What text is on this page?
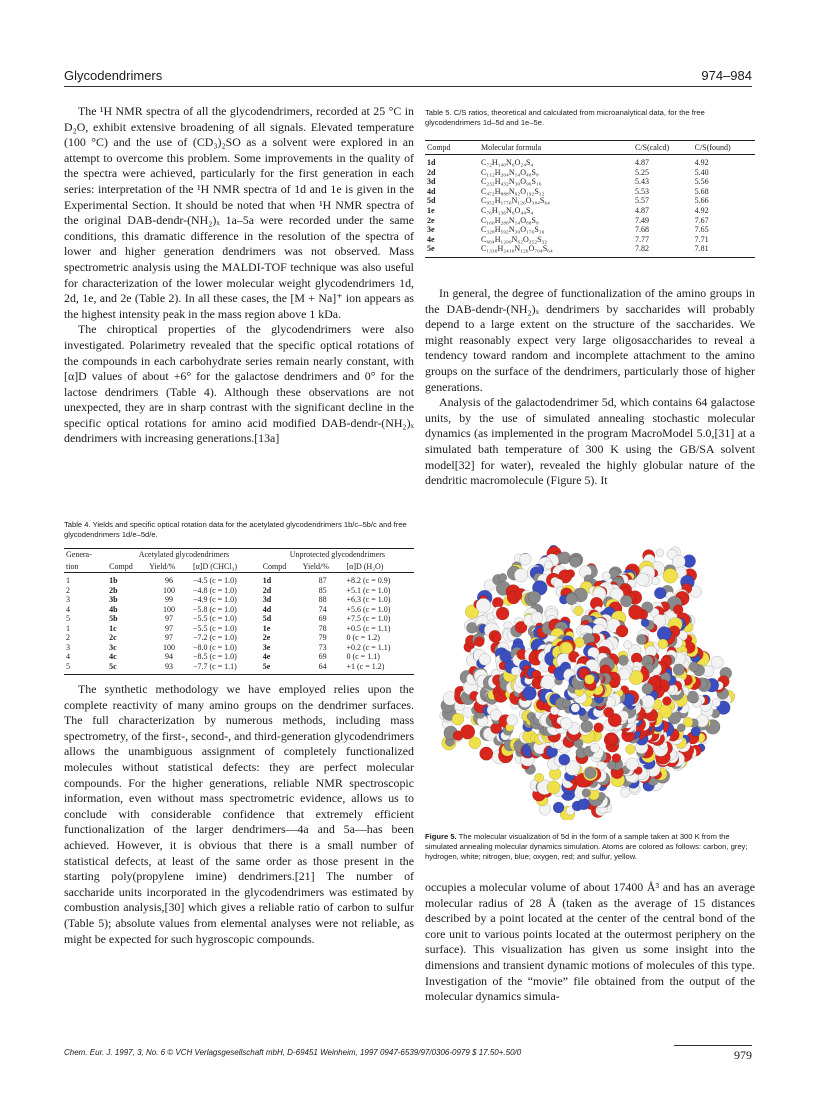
Glycodendrimers	974–984

The ¹H NMR spectra of all the glycodendrimers, recorded at 25 °C in D₂O, exhibit extensive broadening of all signals. Elevated temperature (100 °C) and the use of (CD₃)₂SO as a solvent were explored in an attempt to overcome this problem. Some improvements in the quality of the spectra were achieved, particularly for the first generation in each series: interpretation of the ¹H NMR spectra of 1d and 1e is given in the Experimental Section. It should be noted that when ¹H NMR spectra of the original DAB-dendr-(NH₂)ₓ 1a–5a were recorded under the same conditions, this dramatic difference in the resolution of the spectra of lower and higher generation dendrimers was not observed. Mass spectrometric analysis using the MALDI-TOF technique was also useful for characterization of the lower molecular weight glycodendrimers 1d, 2d, 1e, and 2e (Table 2). In all these cases, the [M + Na]⁺ ion appears as the highest intensity peak in the mass region above 1 kDa.

The chiroptical properties of the glycodendrimers were also investigated. Polarimetry revealed that the specific optical rotations of the compounds in each carbohydrate series remain nearly constant, with [α]D values of about +6° for the galactose dendrimers and 0° for the lactose dendrimers (Table 4). Although these observations are not unexpected, they are in sharp contrast with the significant decline in the specific optical rotations for amino acid modified DAB-dendr-(NH₂)ₓ dendrimers with increasing generations.[13a]

Table 4. Yields and specific optical rotation data for the acetylated glycodendrimers 1b/c–5b/c and free glycodendrimers 1d/e–5d/e.
Genera-	Acetylated glycodendrimers			Unprotected glycodendrimers		
tion	Compd	Yield/%	[α]D (CHCl₃)	Compd	Yield/%	[α]D (H₂O)
1	1b	96	−4.5 (c = 1.0)	1d	87	+8.2 (c = 0.9)
2	2b	100	−4.8 (c = 1.0)	2d	85	+5.1 (c = 1.0)
3	3b	99	−4.9 (c = 1.0)	3d	88	+6.3 (c = 1.0)
4	4b	100	−5.8 (c = 1.0)	4d	74	+5.6 (c = 1.0)
5	5b	97	−5.5 (c = 1.0)	5d	69	+7.5 (c = 1.0)
1	1c	97	−5.5 (c = 1.0)	1e	78	+0.5 (c = 1.1)
2	2c	97	−7.2 (c = 1.0)	2e	79	0 (c = 1.2)
3	3c	100	−8.0 (c = 1.0)	3e	73	+0.2 (c = 1.1)
4	4c	94	−8.5 (c = 1.0)	4e	69	0 (c = 1.1)
5	5c	93	−7.7 (c = 1.1)	5e	64	+1 (c = 1.2)

The synthetic methodology we have employed relies upon the complete reactivity of many amino groups on the dendrimer surfaces. The full characterization by numerous methods, including mass spectrometry, of the first-, second-, and third-generation glycodendrimers allows the unambiguous assignment of completely functionalized molecules without statistical defects: they are perfect molecular compounds. For the higher generations, reliable NMR spectroscopic information, even without mass spectrometric evidence, allows us to conclude with considerable confidence that extremely efficient functionalization of the larger dendrimers—4a and 5a—has been achieved. However, it is obvious that there is a small number of statistical defects, at least of the same order as those present in the starting poly(propylene imine) dendrimers.[21] The number of saccharide units incorporated in the glycodendrimers was estimated by combustion analysis,[30] which gives a reliable ratio of carbon to sulfur (Table 5); absolute values from elemental analyses were not reliable, as might be expected for such hygroscopic compounds.

Table 5. C/S ratios, theoretical and calculated from microanalytical data, for the free glycodendrimers 1d–5d and 1e–5e.
Compd	Molecular formula	C/S(calcd)	C/S(found)
1d	C₇₂H₁₄₀N₆O₂₄S₄	4.87	4.92
2d	C₁₁₂H₂₀₄N₁₄O₄₈S₈	5.25	5.40
3d	C₂₃₂H₄₃₂N₃₀O₉₆S₁₆	5.43	5.56
4d	C₄₇₂H₈₈₈N₆₂O₁₉₂S₃₂	5.53	5.68
5d	C₉₅₂H₁₇₇₆N₁₂₆O₃₈₄S₆₄	5.57	5.66
1e	C₇₆H₁₃₆N₆O₄₄S₄	4.87	4.92
2e	C₁₆₀H₂₈₈N₁₄O₈₈S₈	7.49	7.67
3e	C₃₂₈H₅₉₂N₃₀O₁₇₆S₁₆	7.68	7.65
4e	C₆₆₄H₁₂₀₀N₆₂O₃₅₂S₃₂	7.77	7.71
5e	C₁₃₃₆H₂₄₁₆N₁₂₆O₇₀₄S₆₄	7.82	7.81

In general, the degree of functionalization of the amino groups in the DAB-dendr-(NH₂)ₓ dendrimers by saccharides will probably depend to a large extent on the structure of the saccharides. We might reasonably expect very large oligosaccharides to reveal a tendency toward random and incomplete attachment to the amino groups on the surface of the dendrimers, particularly those of higher generations.

Analysis of the galactodendrimer 5d, which contains 64 galactose units, by the use of simulated annealing stochastic molecular dynamics (as implemented in the program MacroModel 5.0,[31] at a simulated bath temperature of 300 K using the GB/SA solvent model[32] for water), revealed the highly globular nature of the dendritic macromolecule (Figure 5). It

Figure 5. The molecular visualization of 5d in the form of a sample taken at 300 K from the simulated annealing molecular dynamics simulation. Atoms are colored as follows: carbon, grey; hydrogen, white; nitrogen, blue; oxygen, red; and sulfur, yellow.

occupies a molecular volume of about 17400 Å³ and has an average molecular radius of 28 Å (taken as the average of 15 distances described by a point located at the center of the central bond of the core unit to various points located at the outermost periphery on the surface). This visualization has given us some insight into the dimensions and transient dynamic motions of molecules of this type. Investigation of the “movie” file obtained from the output of the molecular dynamics simula-

Chem. Eur. J. 1997, 3, No. 6 © VCH Verlagsgesellschaft mbH, D-69451 Weinheim, 1997 0947-6539/97/0306-0979 $ 17.50+.50/0	979
